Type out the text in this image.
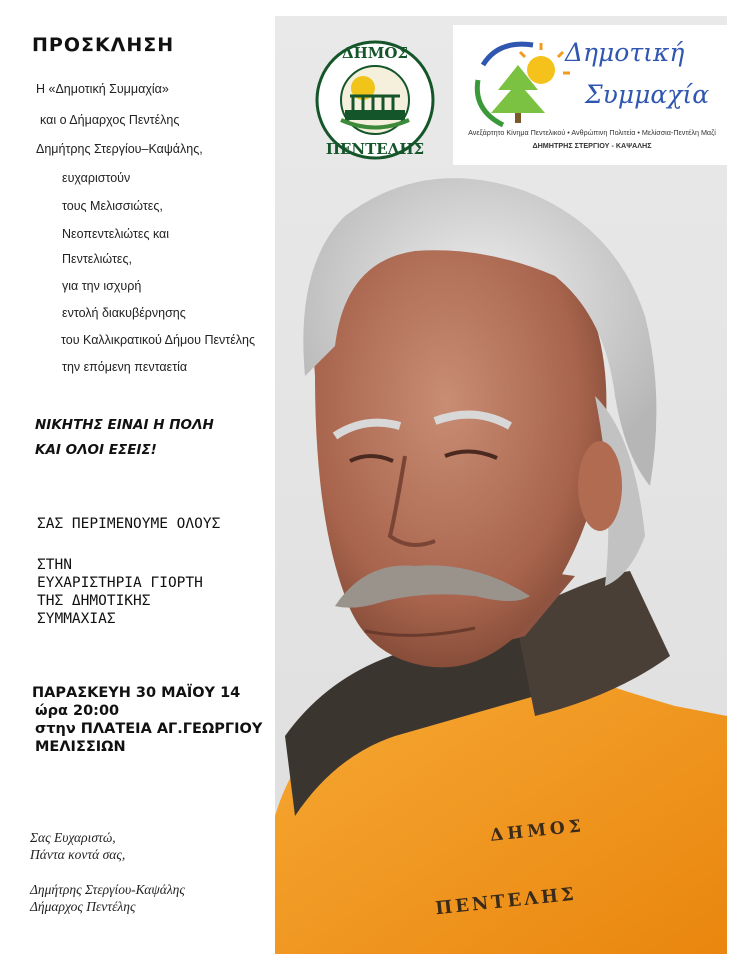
ΠΡΟΣΚΛΗΣΗ
Η «Δημοτική Συμμαχία»
και ο Δήμαρχος Πεντέλης
Δημήτρης Στεργίου–Καψάλης,
ευχαριστούν
τους Μελισσιώτες,
Νεοπεντελιώτες και
Πεντελιώτες,
για την ισχυρή
εντολή διακυβέρνησης
του Καλλικρατικού Δήμου Πεντέλης
την επόμενη πενταετία
ΝΙΚΗΤΗΣ ΕΙΝΑΙ Η ΠΟΛΗ
ΚΑΙ ΟΛΟΙ ΕΣΕΙΣ!
ΣΑΣ ΠΕΡΙΜΕΝΟΥΜΕ ΟΛΟΥΣ
ΣΤΗΝ
ΕΥΧΑΡΙΣΤΗΡΙΑ ΓΙΟΡΤΗ
ΤΗΣ ΔΗΜΟΤΙΚΗΣ
ΣΥΜΜΑΧΙΑΣ
ΠΑΡΑΣΚΕΥΗ 30 ΜΑΪΟΥ 14
ώρα 20:00
στην ΠΛΑΤΕΙΑ ΑΓ.ΓΕΩΡΓΙΟΥ
ΜΕΛΙΣΣΙΩΝ
Σας Ευχαριστώ,
Πάντα κοντά σας,
Δημήτρης Στεργίου-Καψάλης
Δήμαρχος Πεντέλης
ΔΗΜΟΣ
ΠΕΝΤΕΛΗΣ
ΔΗΜΟΣ
ΠΕΝΤΕΛΗΣ
Δημοτική
Συμμαχία
Ανεξάρτητο Κίνημα Πεντελικού • Ανθρώπινη Πολιτεία • Μελίσσια-Πεντέλη Μαζί
ΔΗΜΗΤΡΗΣ ΣΤΕΡΓΙΟΥ - ΚΑΨΑΛΗΣ
